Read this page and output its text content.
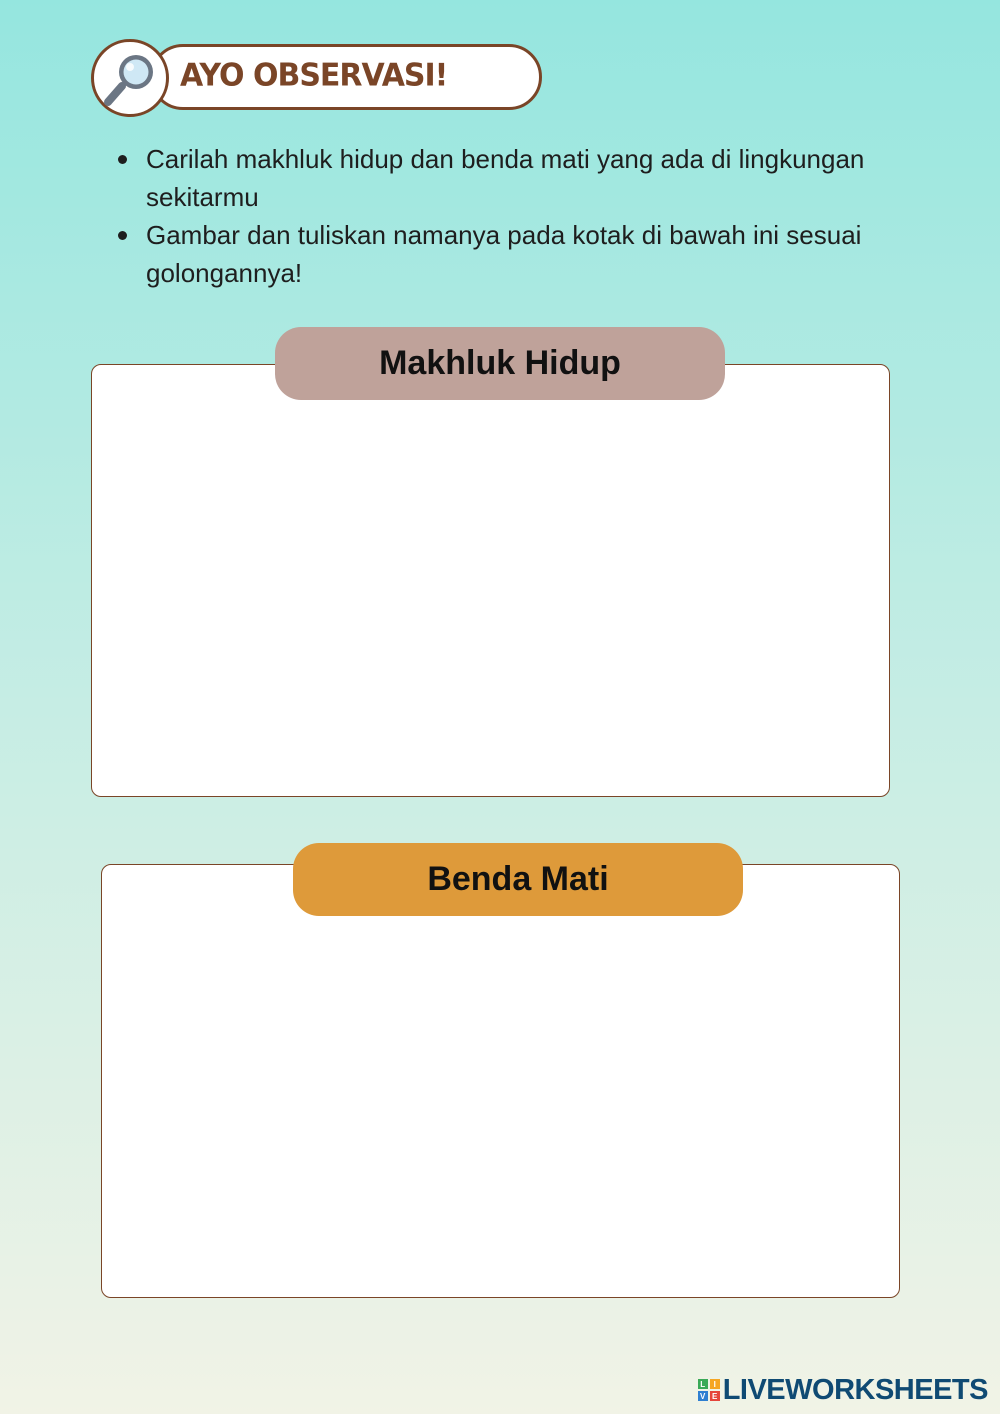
AYO OBSERVASI!
Carilah makhluk hidup dan benda mati yang ada di lingkungan sekitarmu
Gambar dan tuliskan namanya pada kotak di bawah ini sesuai golongannya!
Makhluk Hidup
Benda Mati
L	I
V E LIVEWORKSHEETS
